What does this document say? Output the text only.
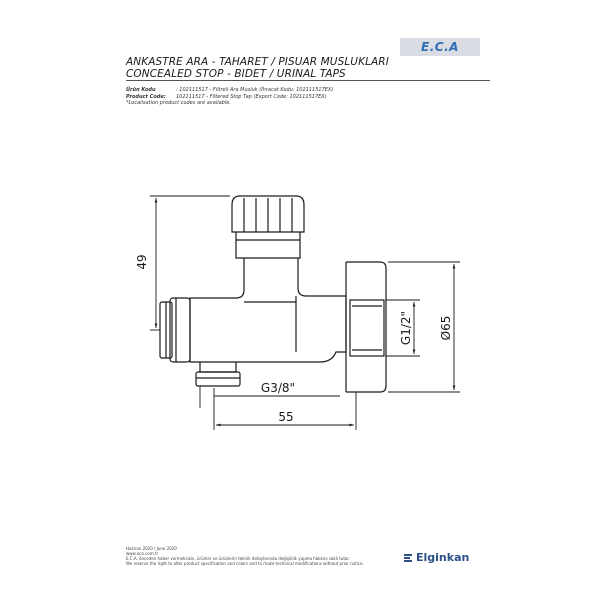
ANKASTRE ARA - TAHARET / PISUAR MUSLUKLARI

CONCEALED STOP - BIDET / URINAL TAPS

E.C.A
Ürün Kodu	: 102111517 - Filtreli Ara Musluk (İhracat Kodu: 102111517EX)
Product Code: 102111517 - Filtered Stop Tap (Export Code: 102111517EX)
*Localisation product codes are available.
49
G3/8"
55
G1/2" Ø65
Haziran 2020 / June 2020
www.eca.com.tr
E.C.A. önceden haber vermeksizin, ürünler ve ürünlerin teknik detaylarında değişiklik yapma hakkını saklı tutar.
We reserve the right to alter product specification and colors and to make technical modifications without prior notice.	Elginkan
